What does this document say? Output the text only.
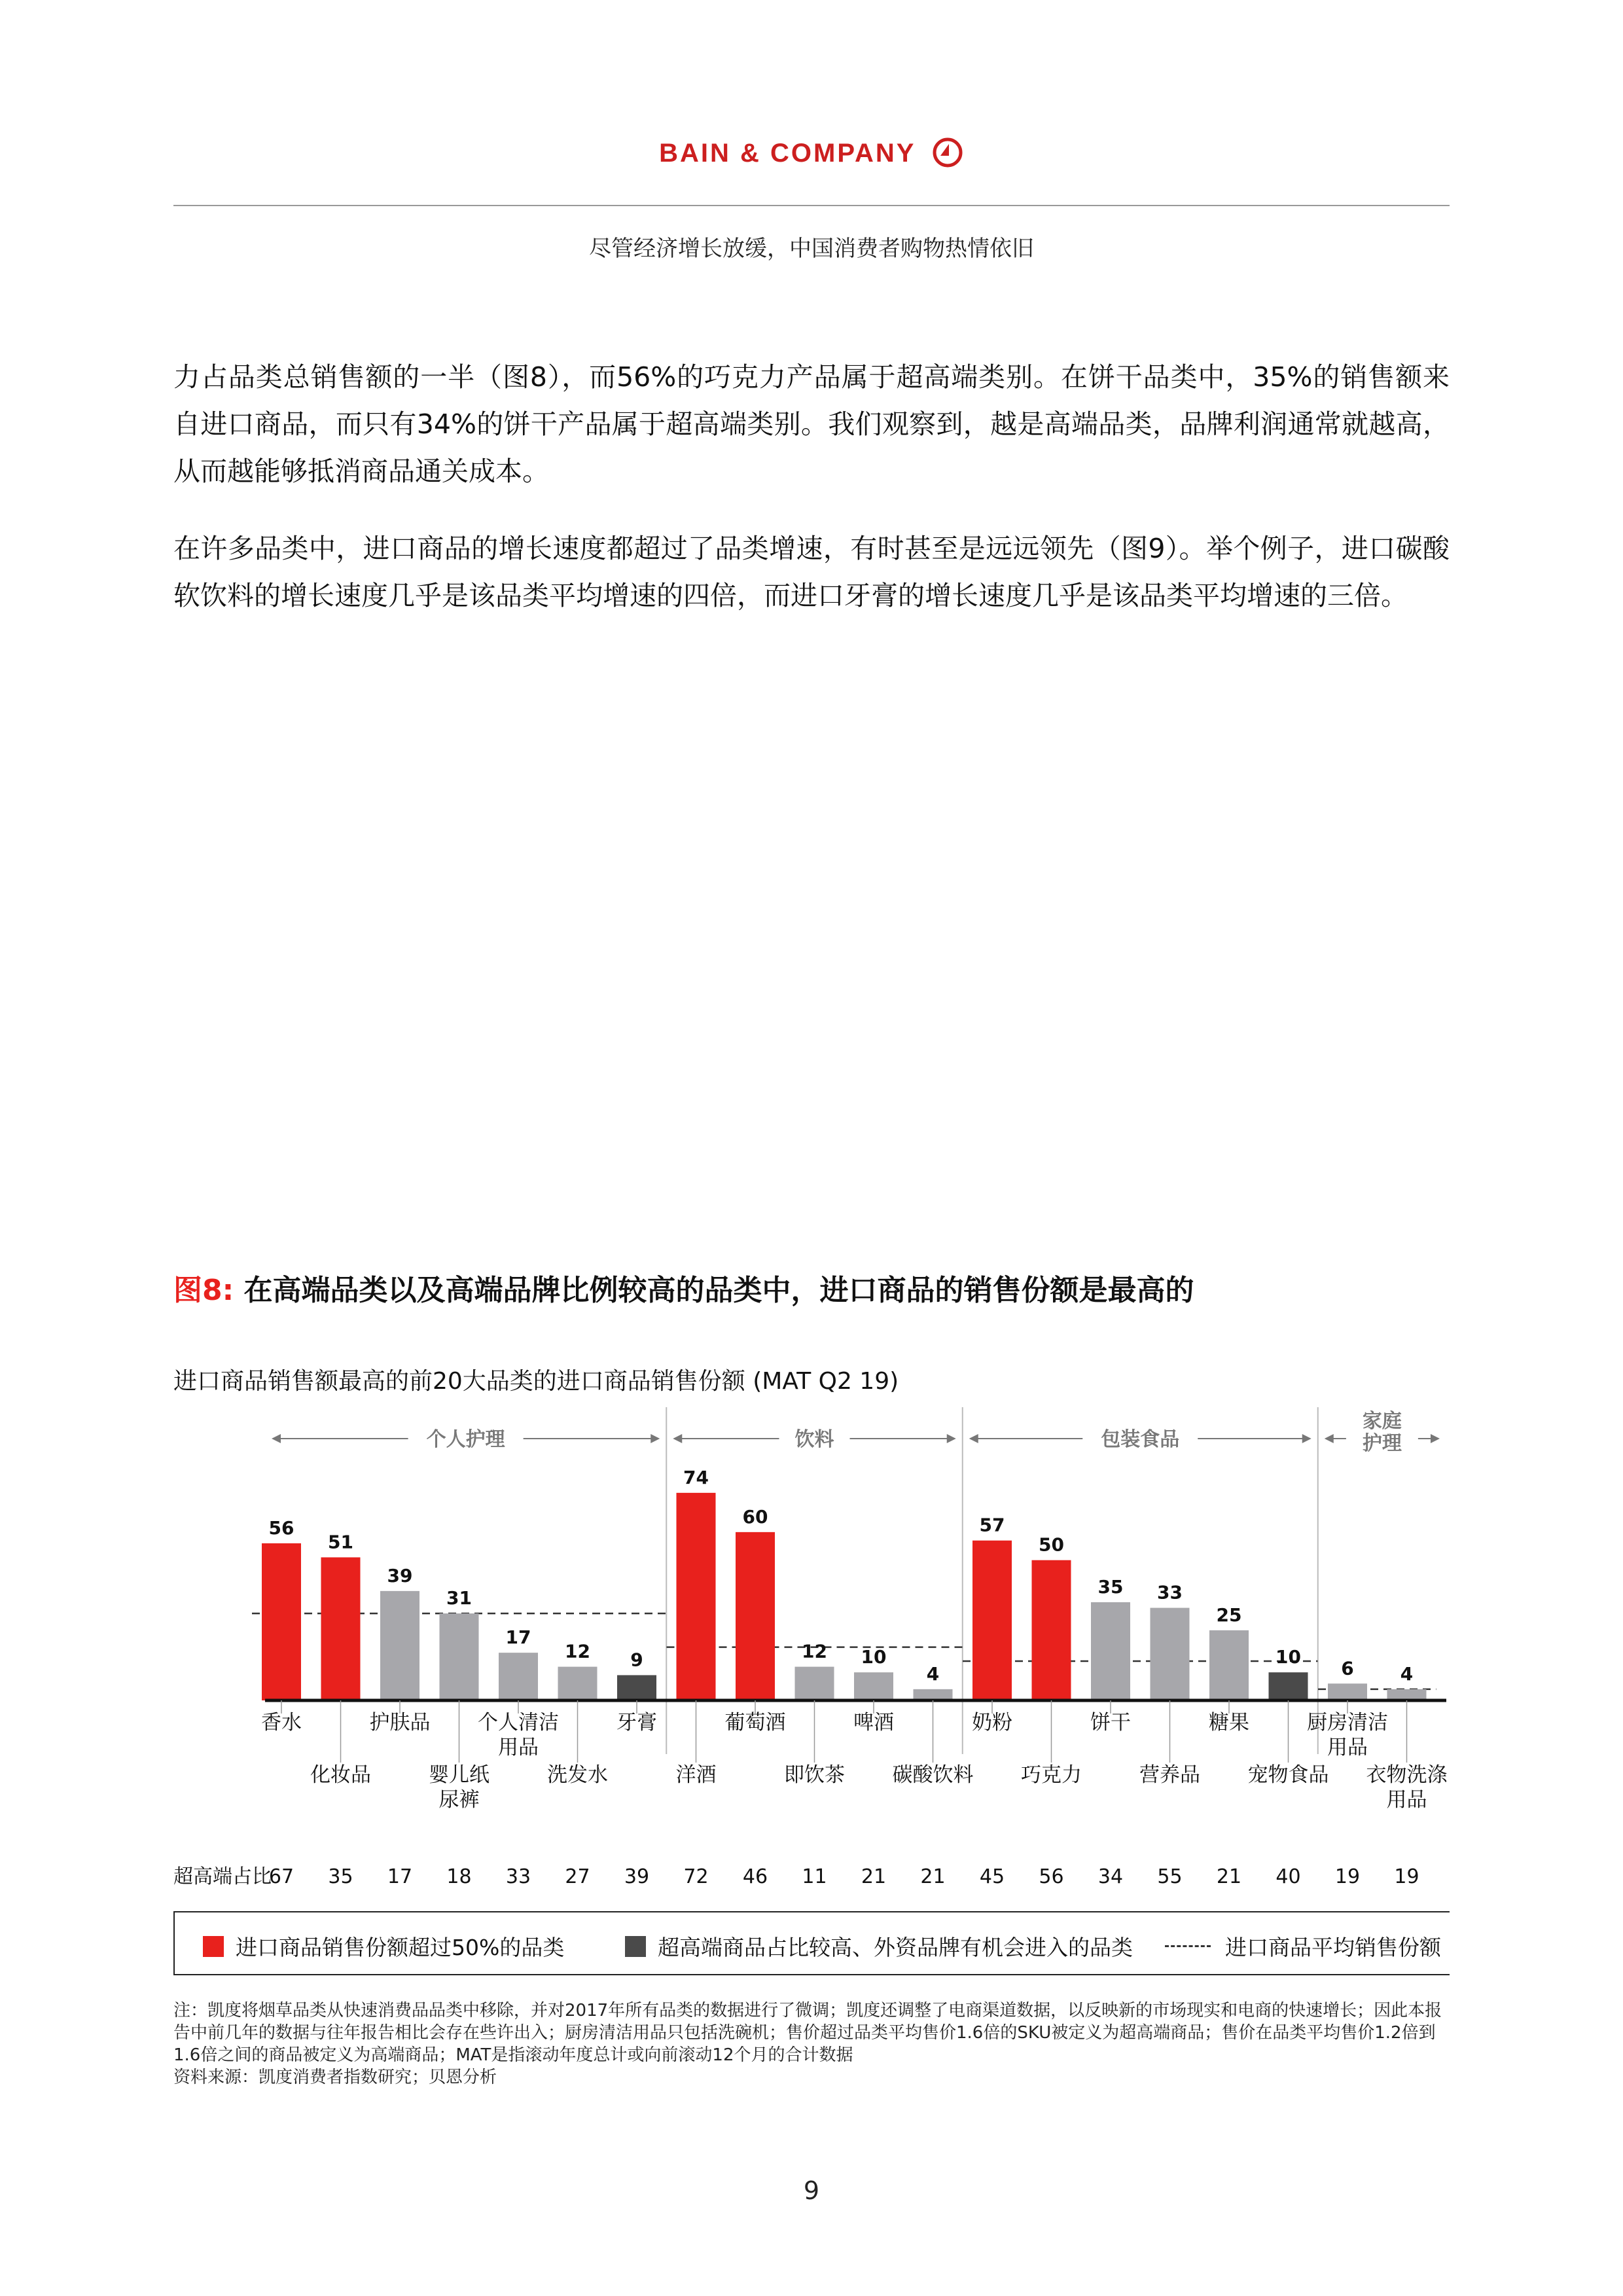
BAIN & COMPANY
尽管经济增长放缓，中国消费者购物热情依旧
力占品类总销售额的一半（图8），而56%的巧克力产品属于超高端类别。在饼干品类中，35%的销售额来自进口商品，而只有34%的饼干产品属于超高端类别。我们观察到，越是高端品类，品牌利润通常就越高，从而越能够抵消商品通关成本。
在许多品类中，进口商品的增长速度都超过了品类增速，有时甚至是远远领先（图9）。举个例子，进口碳酸软饮料的增长速度几乎是该品类平均增速的四倍，而进口牙膏的增长速度几乎是该品类平均增速的三倍。
图8: 在高端品类以及高端品牌比例较高的品类中，进口商品的销售份额是最高的
进口商品销售额最高的前20大品类的进口商品销售份额 (MAT Q2 19)
个人护理	饮料	包装食品
家庭
护理
56
51
39
31
17
12 9
74
60
12 10
4
57
50
35 33
25
10
6	4
香水
化妆品
护肤品
婴儿纸
尿裤
个人清洁
用品
洗发水
牙膏
洋酒
葡萄酒
即饮茶
啤酒
碳酸饮料
奶粉
巧克力
饼干
营养品
糖果
宠物食品
厨房清洁
用品
衣物洗涤
用品
超高端占比
67 35 17 18 33 27 39 72 46 11 21 21 45 56 34 55 21 40 19 19
进口商品销售份额超过50%的品类	超高端商品占比较高、外资品牌有机会进入的品类	进口商品平均销售份额
注：凯度将烟草品类从快速消费品品类中移除，并对2017年所有品类的数据进行了微调；凯度还调整了电商渠道数据，以反映新的市场现实和电商的快速增长；因此本报告中前几年的数据与往年报告相比会存在些许出入；厨房清洁用品只包括洗碗机；售价超过品类平均售价1.6倍的SKU被定义为超高端商品；售价在品类平均售价1.2倍到1.6倍之间的商品被定义为高端商品；MAT是指滚动年度总计或向前滚动12个月的合计数据
资料来源：凯度消费者指数研究；贝恩分析
9
